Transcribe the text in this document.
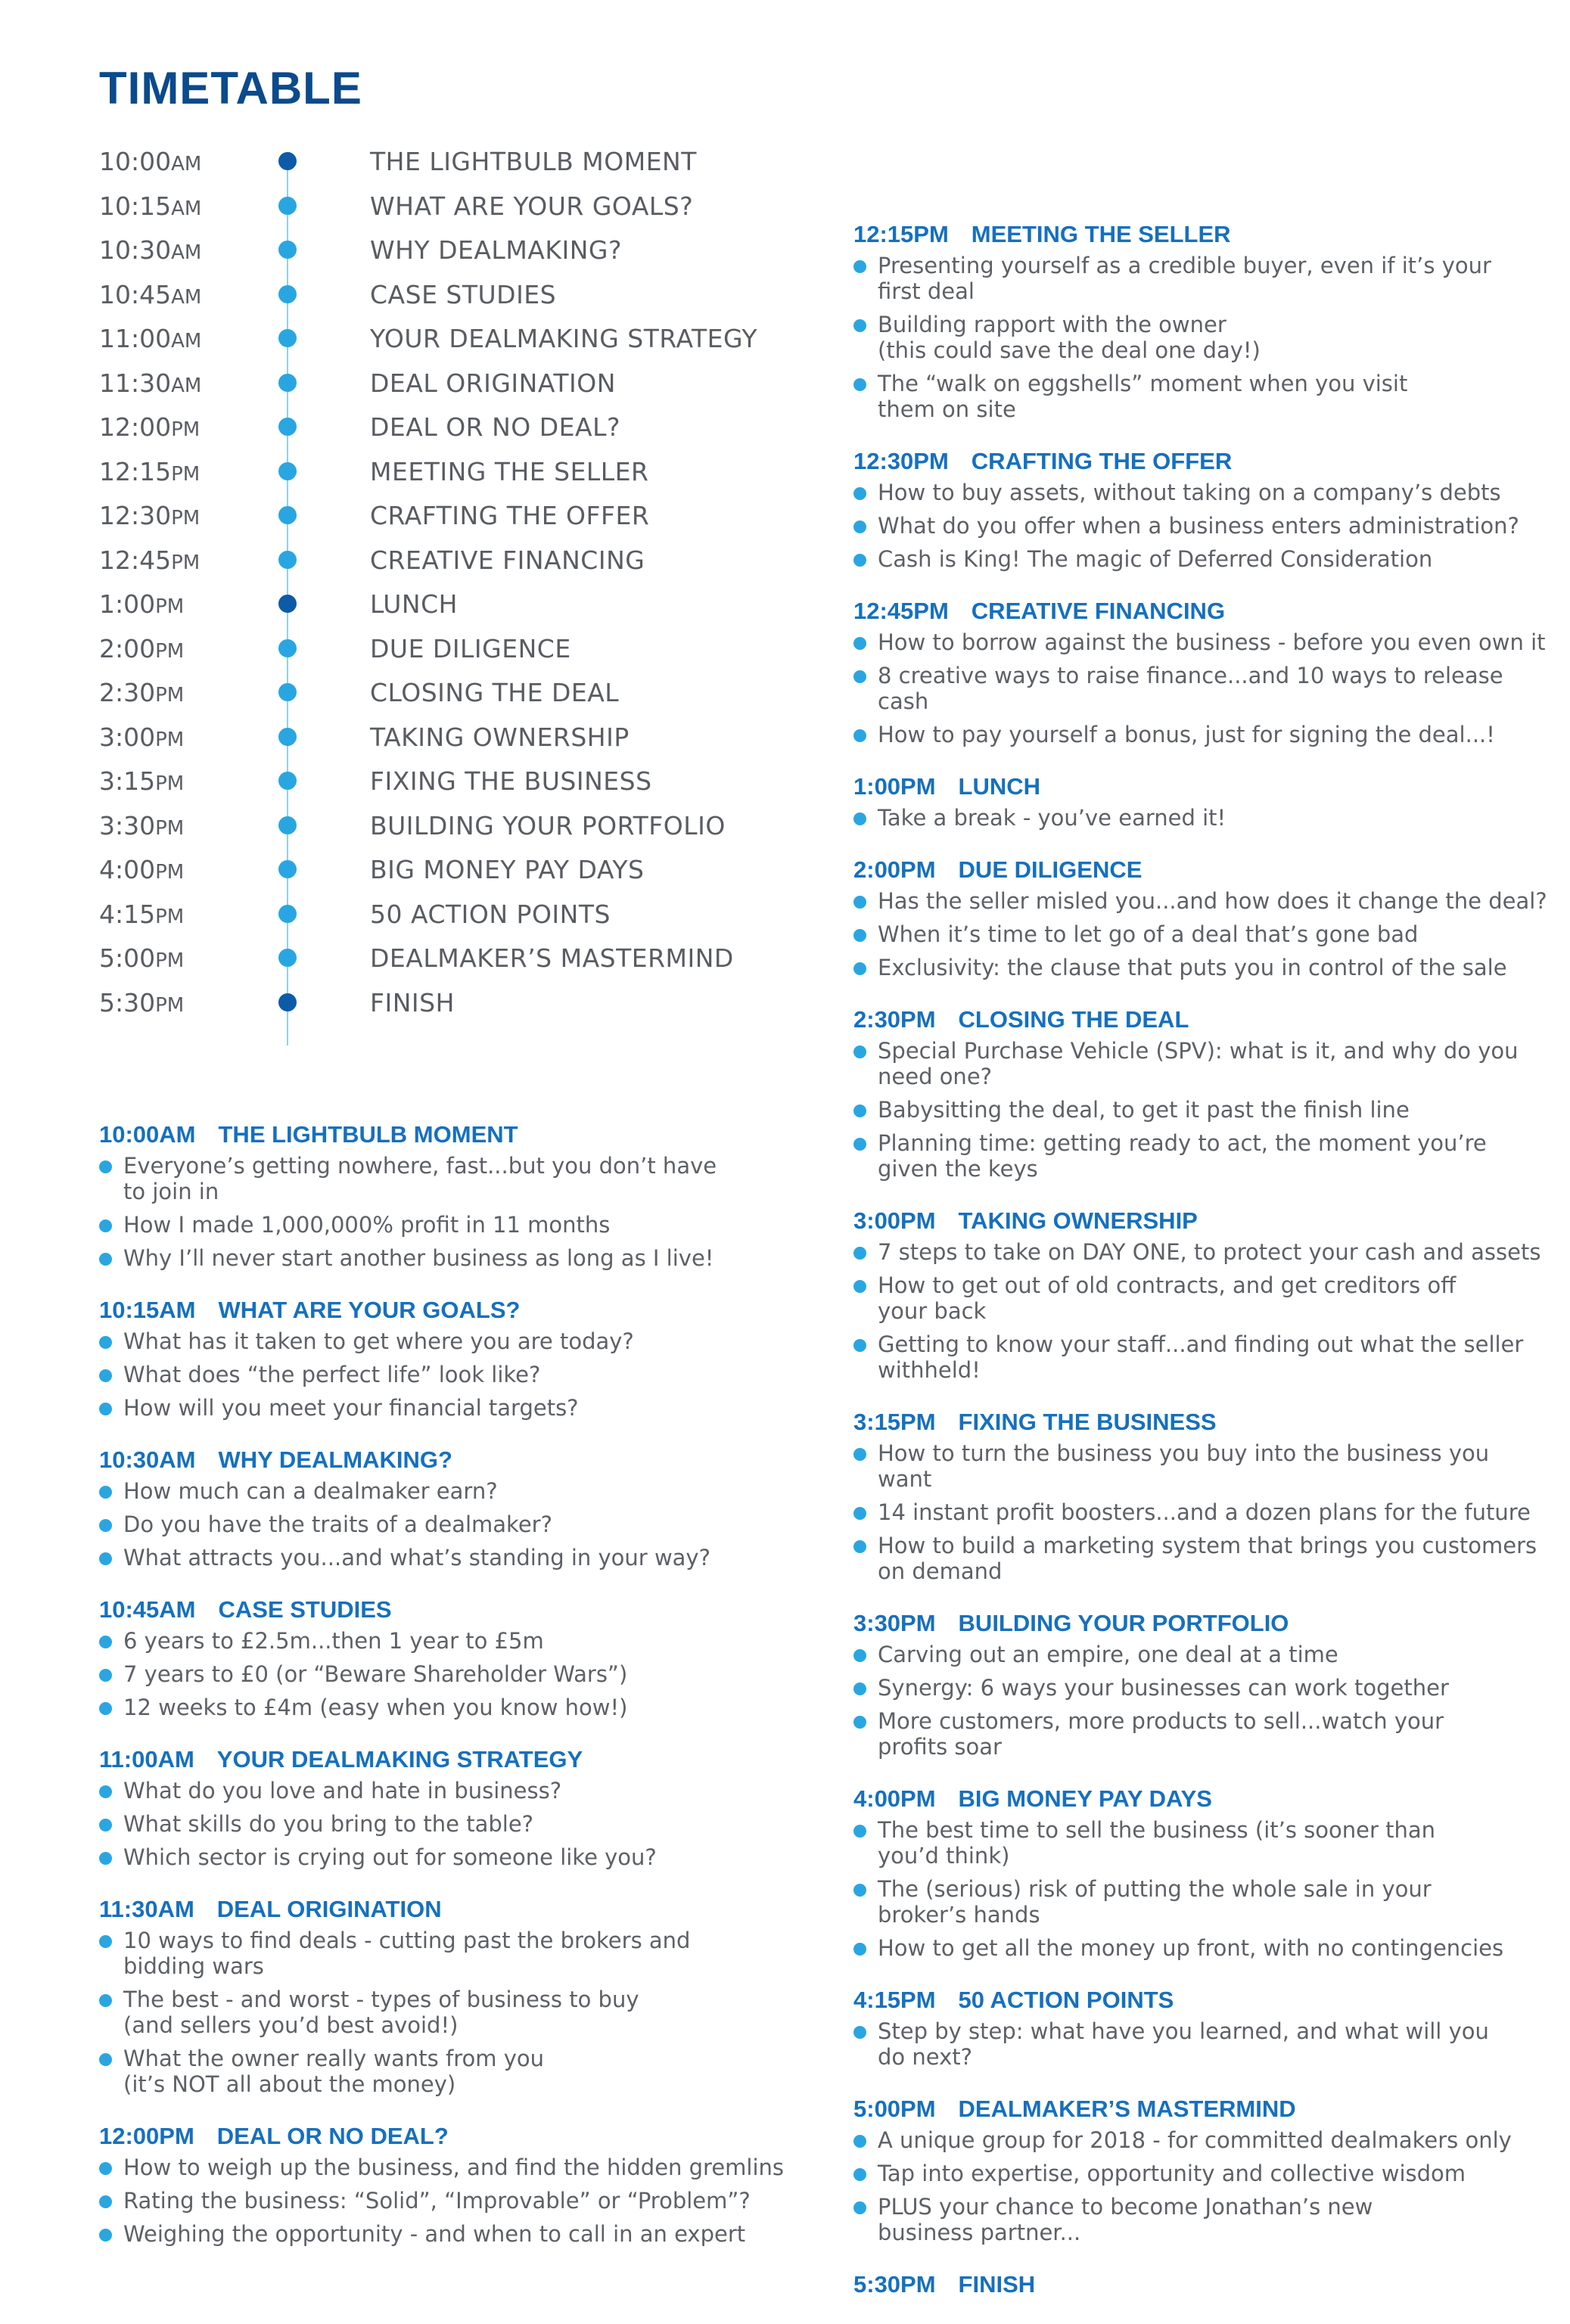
TIMETABLE
10:00AM	THE LIGHTBULB MOMENT
10:15AM	WHAT ARE YOUR GOALS?
10:30AM	WHY DEALMAKING?
10:45AM	CASE STUDIES
11:00AM	YOUR DEALMAKING STRATEGY
11:30AM	DEAL ORIGINATION
12:00PM	DEAL OR NO DEAL?
12:15PM	MEETING THE SELLER
12:30PM	CRAFTING THE OFFER
12:45PM	CREATIVE FINANCING
1:00PM	LUNCH
2:00PM	DUE DILIGENCE
2:30PM	CLOSING THE DEAL
3:00PM	TAKING OWNERSHIP
3:15PM	FIXING THE BUSINESS
3:30PM	BUILDING YOUR PORTFOLIO
4:00PM	BIG MONEY PAY DAYS
4:15PM	50 ACTION POINTS
5:00PM	DEALMAKER’S MASTERMIND
5:30PM	FINISH
10:00AM THE LIGHTBULB MOMENT
Everyone’s getting nowhere, fast...but you don’t have
to join in
How I made 1,000,000% profit in 11 months
Why I’ll never start another business as long as I live!
10:15AM WHAT ARE YOUR GOALS?
What has it taken to get where you are today?
What does “the perfect life” look like?
How will you meet your financial targets?
10:30AM WHY DEALMAKING?
How much can a dealmaker earn?
Do you have the traits of a dealmaker?
What attracts you...and what’s standing in your way?
10:45AM CASE STUDIES
6 years to £2.5m...then 1 year to £5m
7 years to £0 (or “Beware Shareholder Wars”)
12 weeks to £4m (easy when you know how!)
11:00AM YOUR DEALMAKING STRATEGY
What do you love and hate in business?
What skills do you bring to the table?
Which sector is crying out for someone like you?
11:30AM DEAL ORIGINATION
10 ways to find deals - cutting past the brokers and
bidding wars
The best - and worst - types of business to buy
(and sellers you’d best avoid!)
What the owner really wants from you
(it’s NOT all about the money)
12:00PM DEAL OR NO DEAL?
How to weigh up the business, and find the hidden gremlins
Rating the business: “Solid”, “Improvable” or “Problem”?
Weighing the opportunity - and when to call in an expert
12:15PM MEETING THE SELLER
Presenting yourself as a credible buyer, even if it’s your
first deal
Building rapport with the owner
(this could save the deal one day!)
The “walk on eggshells” moment when you visit
them on site
12:30PM CRAFTING THE OFFER
How to buy assets, without taking on a company’s debts
What do you offer when a business enters administration?
Cash is King! The magic of Deferred Consideration
12:45PM CREATIVE FINANCING
How to borrow against the business - before you even own it
8 creative ways to raise finance...and 10 ways to release cash
How to pay yourself a bonus, just for signing the deal...!
1:00PM LUNCH
Take a break - you’ve earned it!
2:00PM DUE DILIGENCE
Has the seller misled you...and how does it change the deal?
When it’s time to let go of a deal that’s gone bad
Exclusivity: the clause that puts you in control of the sale
2:30PM CLOSING THE DEAL
Special Purchase Vehicle (SPV): what is it, and why do you
need one?
Babysitting the deal, to get it past the finish line
Planning time: getting ready to act, the moment you’re
given the keys
3:00PM TAKING OWNERSHIP
7 steps to take on DAY ONE, to protect your cash and assets
How to get out of old contracts, and get creditors off
your back
Getting to know your staff...and finding out what the seller
withheld!
3:15PM FIXING THE BUSINESS
How to turn the business you buy into the business you want
14 instant profit boosters...and a dozen plans for the future
How to build a marketing system that brings you customers
on demand
3:30PM BUILDING YOUR PORTFOLIO
Carving out an empire, one deal at a time
Synergy: 6 ways your businesses can work together
More customers, more products to sell...watch your
profits soar
4:00PM BIG MONEY PAY DAYS
The best time to sell the business (it’s sooner than
you’d think)
The (serious) risk of putting the whole sale in your
broker’s hands
How to get all the money up front, with no contingencies
4:15PM 50 ACTION POINTS
Step by step: what have you learned, and what will you
do next?
5:00PM DEALMAKER’S MASTERMIND
A unique group for 2018 - for committed dealmakers only
Tap into expertise, opportunity and collective wisdom
PLUS your chance to become Jonathan’s new
business partner...
5:30PM FINISH
